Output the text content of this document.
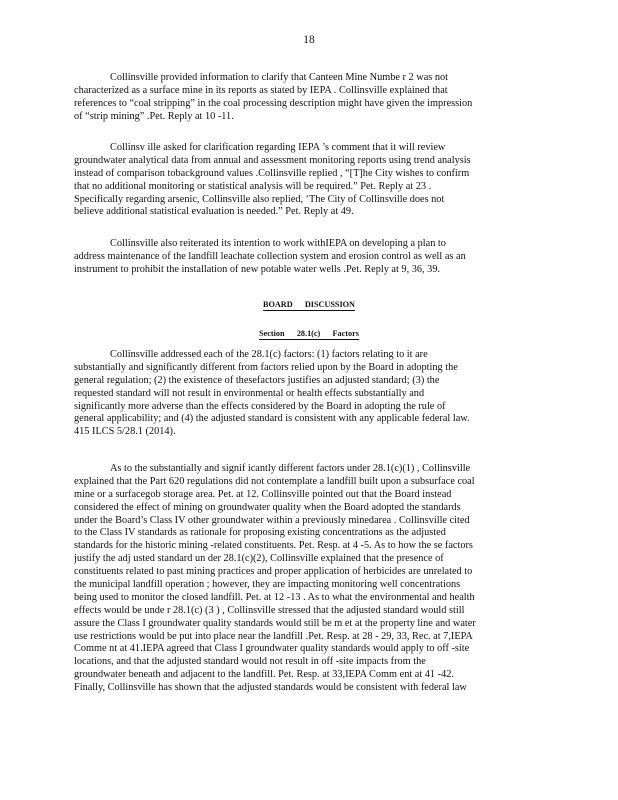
18
Collinsville provided information to clarify that Canteen Mine Numbe r 2 was not
characterized as a surface mine in its reports as stated by IEPA . Collinsville explained that
references to “coal stripping” in the coal processing description might have given the impression
of “strip mining” .Pet. Reply at 10 -11.
Collinsv ille asked for clarification regarding IEPA ’s comment that it will review
groundwater analytical data from annual and assessment monitoring reports using trend analysis
instead of comparison tobackground values .Collinsville replied , “[T]he City wishes to confirm
that no additional monitoring or statistical analysis will be required.” Pet. Reply at 23 .
Specifically regarding arsenic, Collinsville also replied, ‘The City of Collinsville does not
believe additional statistical evaluation is needed.” Pet. Reply at 49.
Collinsville also reiterated its intention to work withIEPA on developing a plan to
address maintenance of the landfill leachate collection system and erosion control as well as an
instrument to prohibit the installation of new potable water wells .Pet. Reply at 9, 36, 39.
BOARD      DISCUSSION
Section      28.1(c)      Factors
Collinsville addressed each of the 28.1(c) factors: (1) factors relating to it are
substantially and significantly different from factors relied upon by the Board in adopting the
general regulation; (2) the existence of thesefactors justifies an adjusted standard; (3) the
requested standard will not result in environmental or health effects substantially and
significantly more adverse than the effects considered by the Board in adopting the rule of
general applicability; and (4) the adjusted standard is consistent with any applicable federal law.
415 ILCS 5/28.1 (2014).
As to the substantially and signif icantly different factors under 28.1(c)(1) , Collinsville
explained that the Part 620 regulations did not contemplate a landfill built upon a subsurface coal
mine or a surfacegob storage area. Pet. at 12. Collinsville pointed out that the Board instead
considered the effect of mining on groundwater quality when the Board adopted the standards
under the Board’s Class IV other groundwater within a previously minedarea . Collinsville cited
to the Class IV standards as rationale for proposing existing concentrations as the adjusted
standards for the historic mining -related constituents. Pet. Resp. at 4 -5. As to how the se factors
justify the adj usted standard un der 28.1(c)(2), Collinsville explained that the presence of
constituents related to past mining practices and proper application of herbicides are unrelated to
the municipal landfill operation ; however, they are impacting monitoring well concentrations
being used to monitor the closed landfill. Pet. at 12 -13 . As to what the environmental and health
effects would be unde r 28.1(c) (3 ) , Collinsville stressed that the adjusted standard would still
assure the Class I groundwater quality standards would still be m et at the property line and water
use restrictions would be put into place near the landfill .Pet. Resp. at 28 - 29, 33, Rec. at 7,IEPA
Comme nt at 41.IEPA agreed that Class I groundwater quality standards would apply to off -site
locations, and that the adjusted standard would not result in off -site impacts from the
groundwater beneath and adjacent to the landfill. Pet. Resp. at 33,IEPA Comm ent at 41 -42.
Finally, Collinsville has shown that the adjusted standards would be consistent with federal law
